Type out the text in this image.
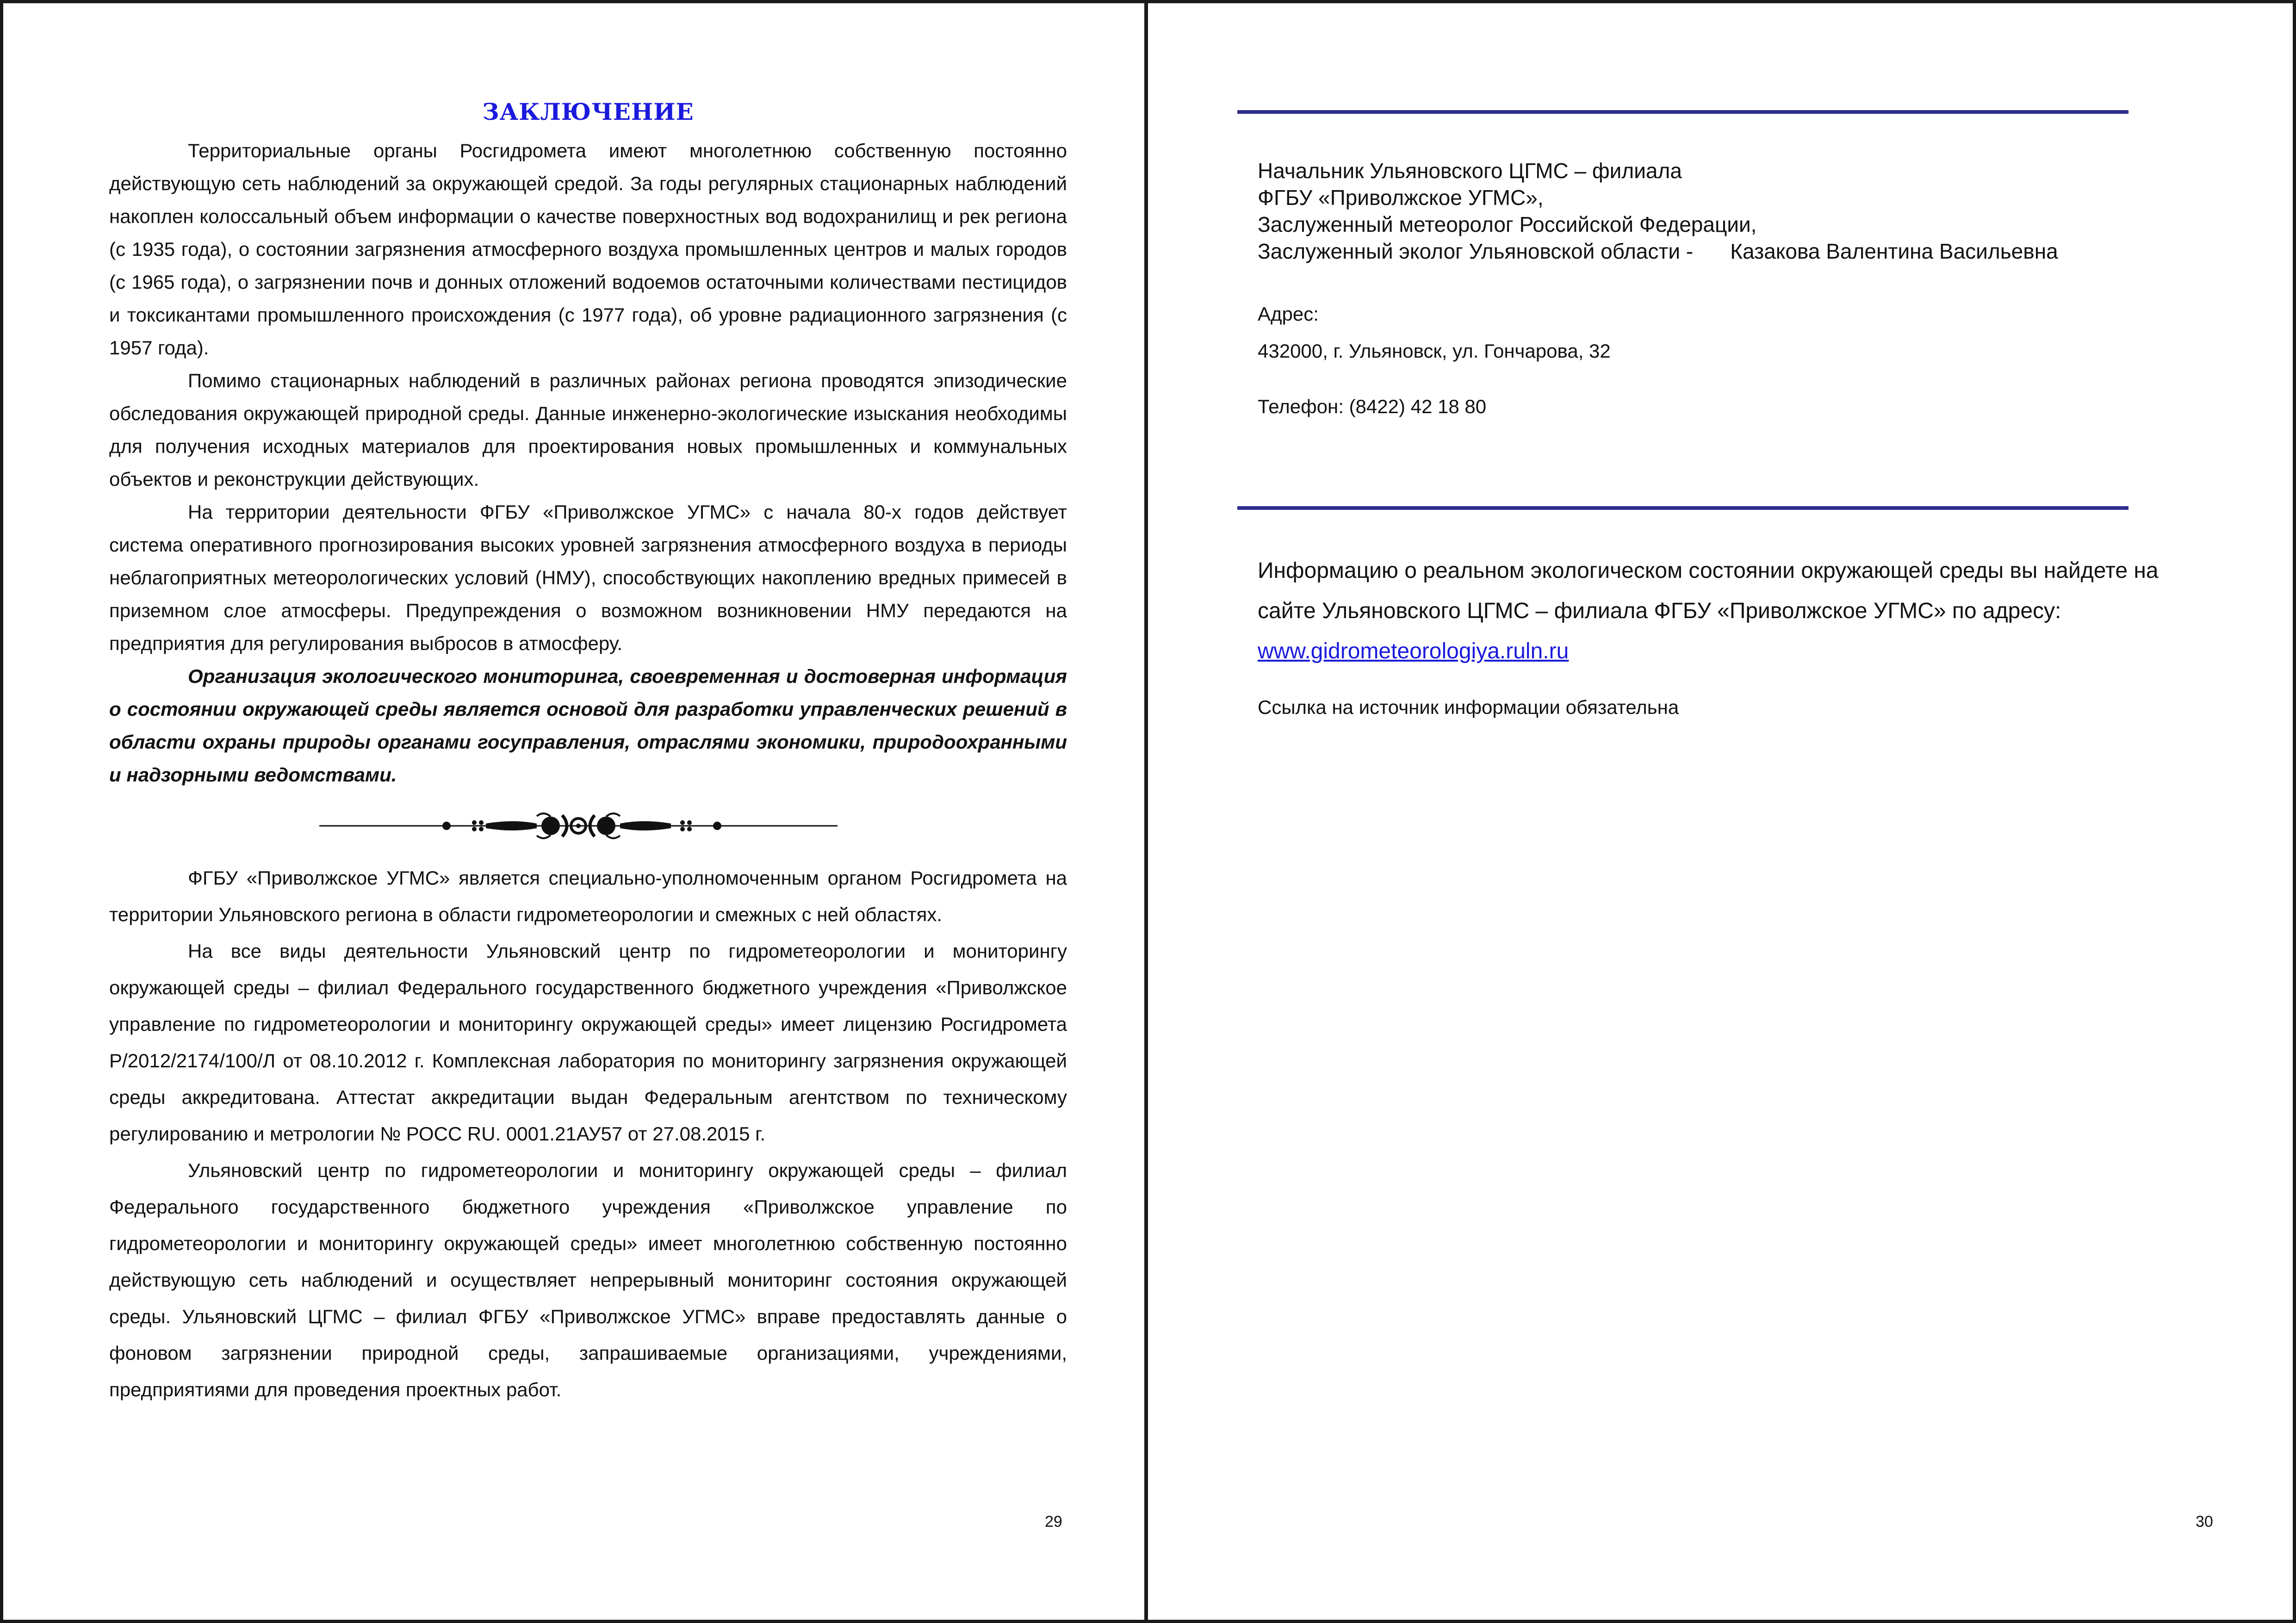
ЗАКЛЮЧЕНИЕ

Территориальные органы Росгидромета имеют многолетнюю собственную постоянно действующую сеть наблюдений за окружающей средой. За годы регулярных стационарных наблюдений накоплен колоссальный объем информации о качестве поверхностных вод водохранилищ и рек региона (с 1935 года), о состоянии загрязнения атмосферного воздуха промышленных центров и малых городов (с 1965 года), о загрязнении почв и донных отложений водоемов остаточными количествами пестицидов и токсикантами промышленного происхождения (с 1977 года), об уровне радиационного загрязнения (с 1957 года).

Помимо стационарных наблюдений в различных районах региона проводятся эпизодические обследования окружающей природной среды. Данные инженерно-экологические изыскания необходимы для получения исходных материалов для проектирования новых промышленных и коммунальных объектов и реконструкции действующих.

На территории деятельности ФГБУ «Приволжское УГМС» с начала 80-х годов действует система оперативного прогнозирования высоких уровней загрязнения атмосферного воздуха в периоды неблагоприятных метеорологических условий (НМУ), способствующих накоплению вредных примесей в приземном слое атмосферы. Предупреждения о возможном возникновении НМУ передаются на предприятия для регулирования выбросов в атмосферу.

Организация экологического мониторинга, своевременная и достоверная информация о состоянии окружающей среды является основой для разработки управленческих решений в области охраны природы органами госуправления, отраслями экономики, природоохранными и надзорными ведомствами.

ФГБУ «Приволжское УГМС» является специально-уполномоченным органом Росгидромета на территории Ульяновского региона в области гидрометеорологии и смежных с ней областях.

На все виды деятельности Ульяновский центр по гидрометеорологии и мониторингу окружающей среды – филиал Федерального государственного бюджетного учреждения «Приволжское управление по гидрометеорологии и мониторингу окружающей среды» имеет лицензию Росгидромета Р/2012/2174/100/Л от 08.10.2012 г. Комплексная лаборатория по мониторингу загрязнения окружающей среды аккредитована. Аттестат аккредитации выдан Федеральным агентством по техническому регулированию и метрологии № РОСС RU. 0001.21АУ57 от 27.08.2015 г.

Ульяновский центр по гидрометеорологии и мониторингу окружающей среды – филиал Федерального государственного бюджетного учреждения «Приволжское управление по гидрометеорологии и мониторингу окружающей среды» имеет многолетнюю собственную постоянно действующую сеть наблюдений и осуществляет непрерывный мониторинг состояния окружающей среды. Ульяновский ЦГМС – филиал ФГБУ «Приволжское УГМС» вправе предоставлять данные о фоновом загрязнении природной среды, запрашиваемые организациями, учреждениями, предприятиями для проведения проектных работ.

29
Начальник Ульяновского ЦГМС – филиала
ФГБУ «Приволжское УГМС»,
Заслуженный метеоролог Российской Федерации,
Заслуженный эколог Ульяновской области - Казакова Валентина Васильевна
Адрес:
432000, г. Ульяновск, ул. Гончарова, 32
Телефон: (8422) 42 18 80
Информацию о реальном экологическом состоянии окружающей среды вы найдете на сайте Ульяновского ЦГМС – филиала ФГБУ «Приволжское УГМС» по адресу:
www.gidrometeorologiya.ruln.ru
Ссылка на источник информации обязательна
30
